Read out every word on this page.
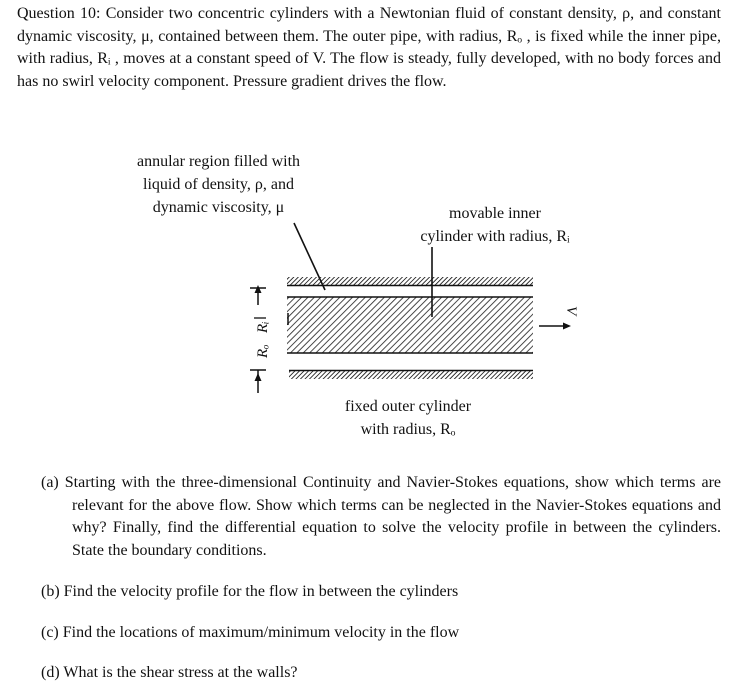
Question 10: Consider two concentric cylinders with a Newtonian fluid of constant density, ρ, and constant dynamic viscosity, μ, contained between them. The outer pipe, with radius, Rₒ , is fixed while the inner pipe, with radius, Rᵢ , moves at a constant speed of V. The flow is steady, fully developed, with no body forces and has no swirl velocity component. Pressure gradient drives the flow.
V
Rₒ
Rᵢ
annular region filled with
liquid of density, ρ, and
dynamic viscosity, μ	movable inner
cylinder with radius, Rᵢ
fixed outer cylinder
with radius, Rₒ
(a) Starting with the three-dimensional Continuity and Navier-Stokes equations, show which terms are relevant for the above flow. Show which terms can be neglected in the Navier-Stokes equations and why? Finally, find the differential equation to solve the velocity profile in between the cylinders. State the boundary conditions.
(b) Find the velocity profile for the flow in between the cylinders
(c) Find the locations of maximum/minimum velocity in the flow
(d) What is the shear stress at the walls?
